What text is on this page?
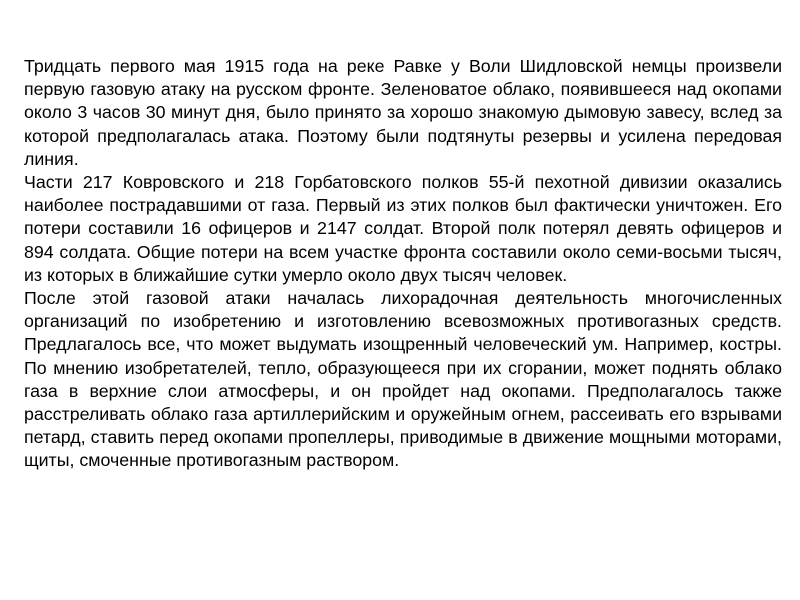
Тридцать первого мая 1915 года на реке Равке у Воли Шидловской немцы произвели первую газовую атаку на русском фронте. Зеленоватое облако, появившееся над окопами около 3 часов 30 минут дня, было принято за хорошо знакомую дымовую завесу, вслед за которой предполагалась атака. Поэтому были подтянуты резервы и усилена передовая линия.

Части 217 Ковровского и 218 Горбатовского полков 55-й пехотной дивизии оказались наиболее пострадавшими от газа. Первый из этих полков был фактически уничтожен. Его потери составили 16 офицеров и 2147 солдат. Второй полк потерял девять офицеров и 894 солдата. Общие потери на всем участке фронта составили около семи-восьми тысяч, из которых в ближайшие сутки умерло около двух тысяч человек.

После этой газовой атаки началась лихорадочная деятельность многочисленных организаций по изобретению и изготовлению всевозможных противогазных средств. Предлагалось все, что может выдумать изощренный человеческий ум. Например, костры. По мнению изобретателей, тепло, образующееся при их сгорании, может поднять облако газа в верхние слои атмосферы, и он пройдет над окопами. Предполагалось также расстреливать облако газа артиллерийским и оружейным огнем, рассеивать его взрывами петард, ставить перед окопами пропеллеры, приводимые в движение мощными моторами, щиты, смоченные противогазным раствором.
